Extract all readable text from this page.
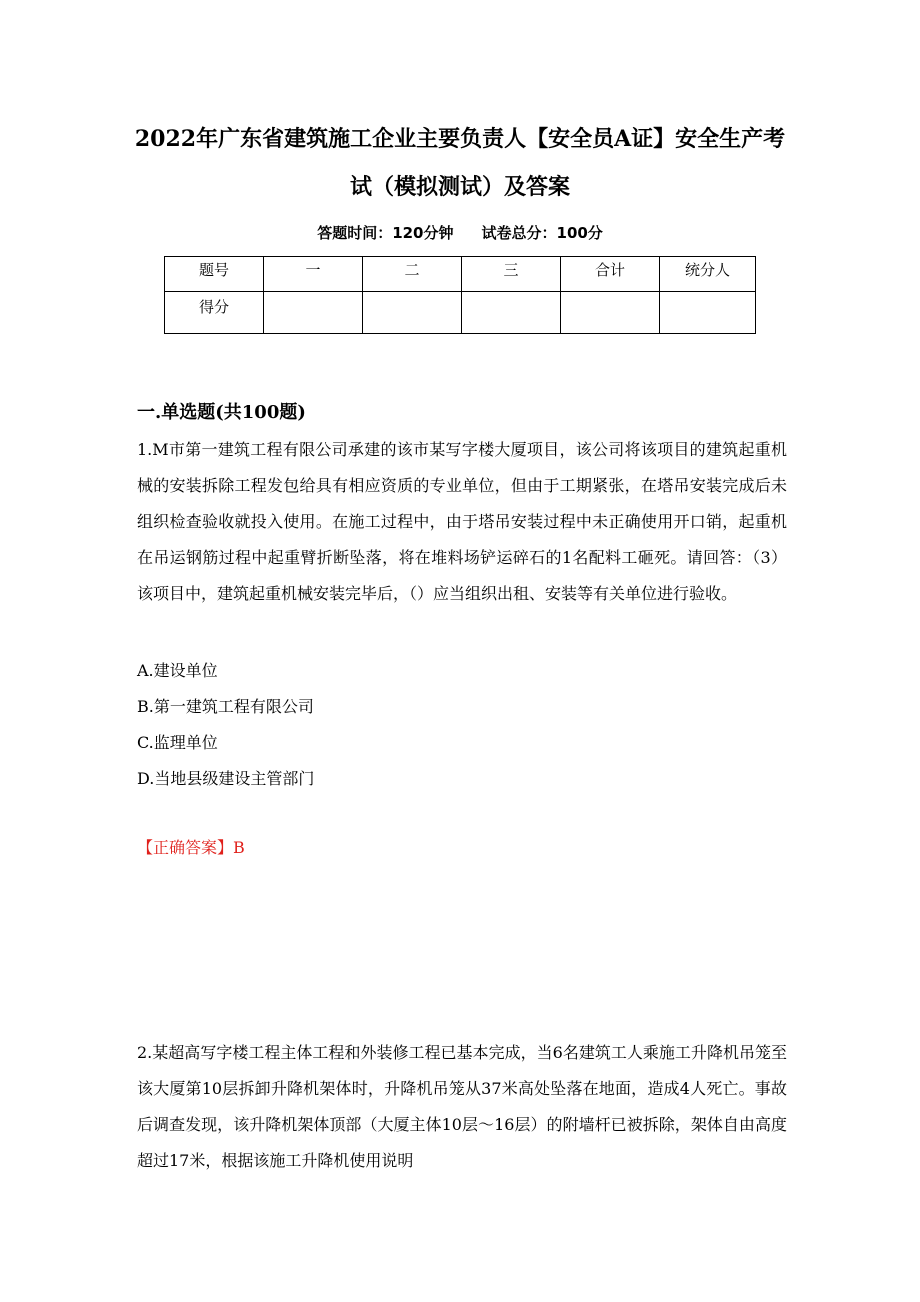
2022年广东省建筑施工企业主要负责人【安全员A证】安全生产考
试（模拟测试）及答案
答题时间：120分钟 试卷总分：100分
题号	一	二	三	合计	统分人
得分					
一.单选题(共100题)
1.M市第一建筑工程有限公司承建的该市某写字楼大厦项目，该公司将该项目的建筑起重机械的安装拆除工程发包给具有相应资质的专业单位，但由于工期紧张，在塔吊安装完成后未组织检查验收就投入使用。在施工过程中，由于塔吊安装过程中未正确使用开口销，起重机在吊运钢筋过程中起重臂折断坠落，将在堆料场铲运碎石的1名配料工砸死。请回答：（3）该项目中，建筑起重机械安装完毕后，（）应当组织出租、安装等有关单位进行验收。
A.建设单位
B.第一建筑工程有限公司
C.监理单位
D.当地县级建设主管部门
【正确答案】B
2.某超高写字楼工程主体工程和外装修工程已基本完成，当6名建筑工人乘施工升降机吊笼至该大厦第10层拆卸升降机架体时，升降机吊笼从37米高处坠落在地面，造成4人死亡。事故后调查发现，该升降机架体顶部（大厦主体10层～16层）的附墙杆已被拆除，架体自由高度超过17米，根据该施工升降机使用说明
